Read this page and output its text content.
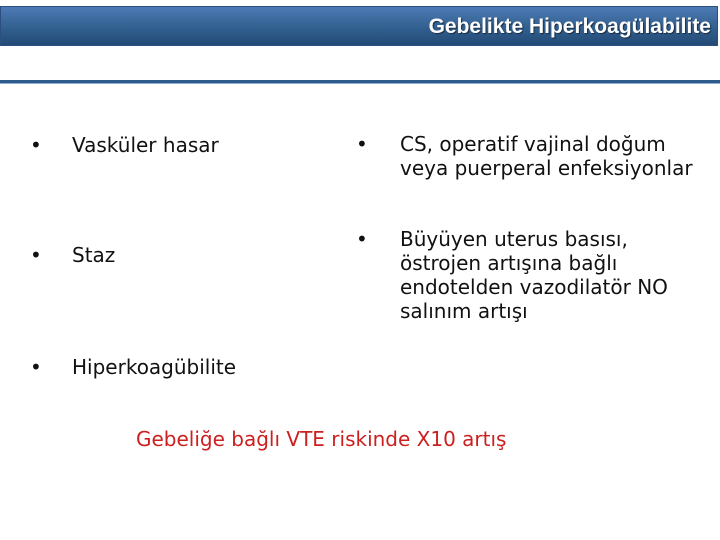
Gebelikte Hiperkoagülabilite
• Vasküler hasar
• Staz
• Hiperkoagübilite
• CS, operatif vajinal doğum veya puerperal enfeksiyonlar
• Büyüyen uterus basısı, östrojen artışına bağlı endotelden vazodilatör NO salınım artışı
Gebeliğe bağlı VTE riskinde X10 artış
